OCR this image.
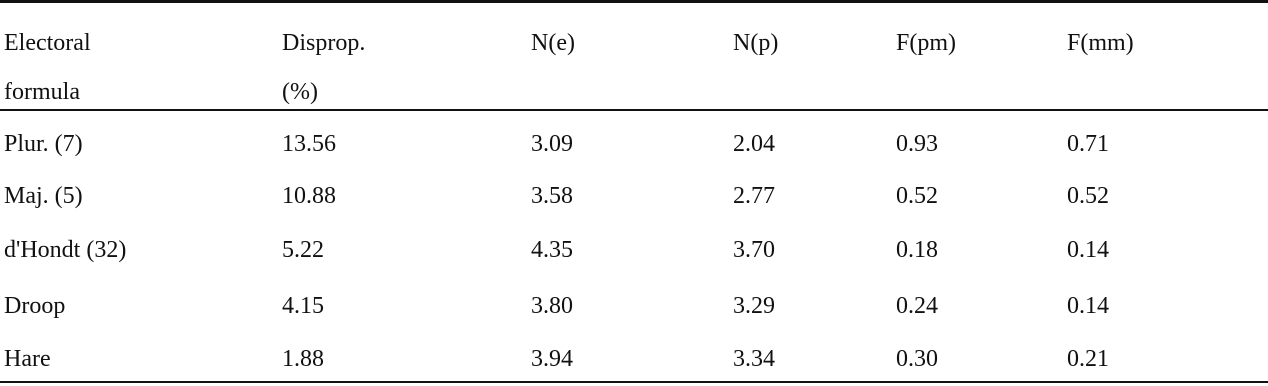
Electoral	Disprop.	N(e)	N(p)	F(pm)	F(mm)
formula	(%)
Plur. (7)	13.56	3.09	2.04	0.93	0.71
Maj. (5)	10.88	3.58	2.77	0.52	0.52
d'Hondt (32)	5.22	4.35	3.70	0.18	0.14
Droop	4.15	3.80	3.29	0.24	0.14
Hare	1.88	3.94	3.34	0.30	0.21
